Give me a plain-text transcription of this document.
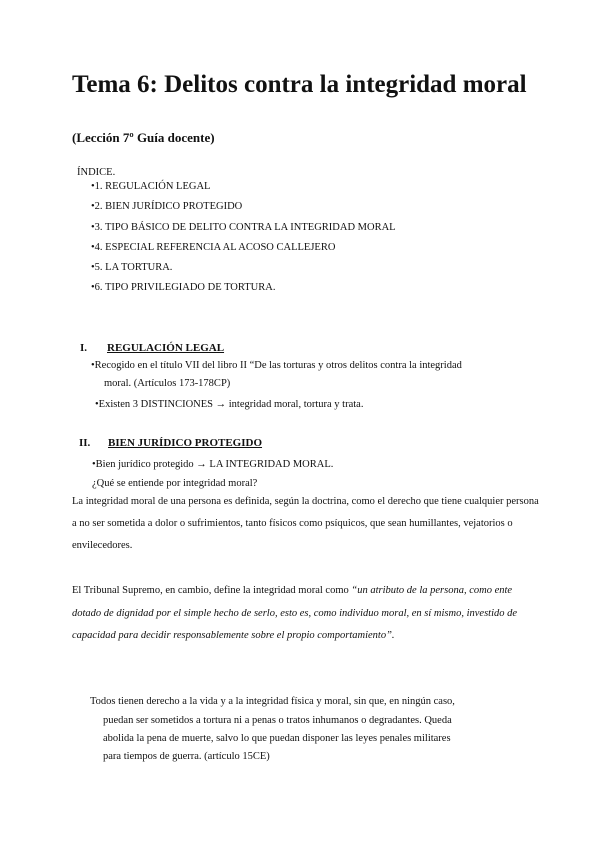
Tema 6: Delitos contra la integridad moral
(Lección 7º Guía docente)
ÍNDICE.
•1. REGULACIÓN LEGAL
•2. BIEN JURÍDICO PROTEGIDO
•3. TIPO BÁSICO DE DELITO CONTRA LA INTEGRIDAD MORAL
•4. ESPECIAL REFERENCIA AL ACOSO CALLEJERO
•5. LA TORTURA.
•6. TIPO PRIVILEGIADO DE TORTURA.
I. REGULACIÓN LEGAL
•Recogido en el título VII del libro II “De las torturas y otros delitos contra la integridad
moral. (Artículos 173-178CP)
•Existen 3 DISTINCIONES → integridad moral, tortura y trata.
II. BIEN JURÍDICO PROTEGIDO
•Bien jurídico protegido → LA INTEGRIDAD MORAL.
¿Qué se entiende por integridad moral?

La integridad moral de una persona es definida, según la doctrina, como el derecho que tiene cualquier persona a no ser sometida a dolor o sufrimientos, tanto físicos como psíquicos, que sean humillantes, vejatorios o envilecedores.

El Tribunal Supremo, en cambio, define la integridad moral como “un atributo de la persona, como ente dotado de dignidad por el simple hecho de serlo, esto es, como individuo moral, en sí mismo, investido de capacidad para decidir responsablemente sobre el propio comportamiento”.

Todos tienen derecho a la vida y a la integridad física y moral, sin que, en ningún caso,
puedan ser sometidos a tortura ni a penas o tratos inhumanos o degradantes. Queda
abolida la pena de muerte, salvo lo que puedan disponer las leyes penales militares
para tiempos de guerra. (artículo 15CE)
